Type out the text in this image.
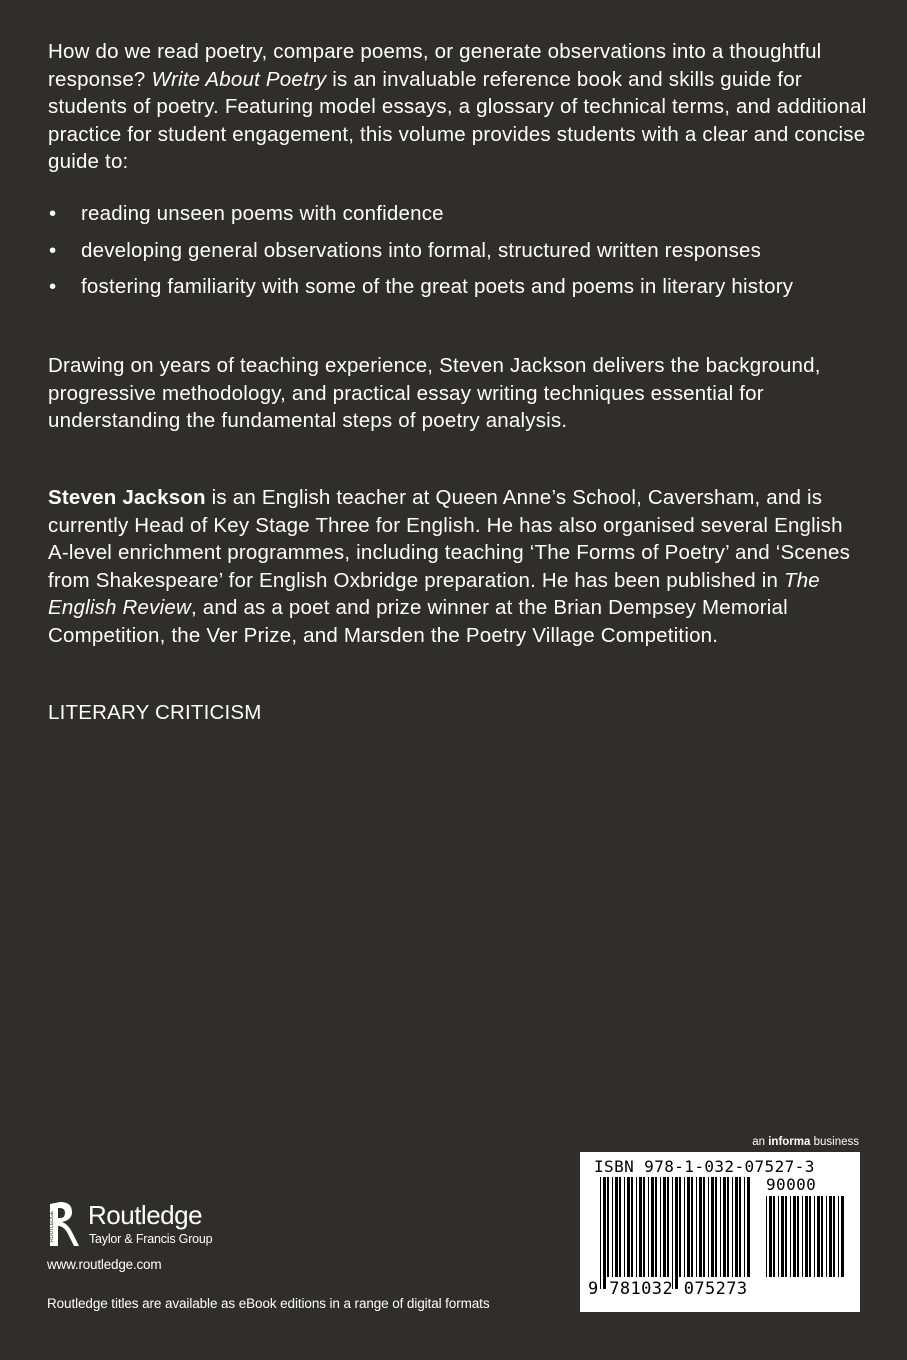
How do we read poetry, compare poems, or generate observations into a thoughtful response? Write About Poetry is an invaluable reference book and skills guide for students of poetry. Featuring model essays, a glossary of technical terms, and additional practice for student engagement, this volume provides students with a clear and concise guide to:

• reading unseen poems with confidence
• developing general observations into formal, structured written responses
• fostering familiarity with some of the great poets and poems in literary history

Drawing on years of teaching experience, Steven Jackson delivers the background, progressive methodology, and practical essay writing techniques essential for understanding the fundamental steps of poetry analysis.

Steven Jackson is an English teacher at Queen Anne’s School, Caversham, and is currently Head of Key Stage Three for English. He has also organised several English A-level enrichment programmes, including teaching ‘The Forms of Poetry’ and ‘Scenes from Shakespeare’ for English Oxbridge preparation. He has been published in The English Review, and as a poet and prize winner at the Brian Dempsey Memorial Competition, the Ver Prize, and Marsden the Poetry Village Competition.

LITERARY CRITICISM
ROUTLEDGE Routledge
Taylor & Francis Group
www.routledge.com
Routledge titles are available as eBook editions in a range of digital formats
an informa business
ISBN 978-1-032-07527-3
90000
9 781032 075273
